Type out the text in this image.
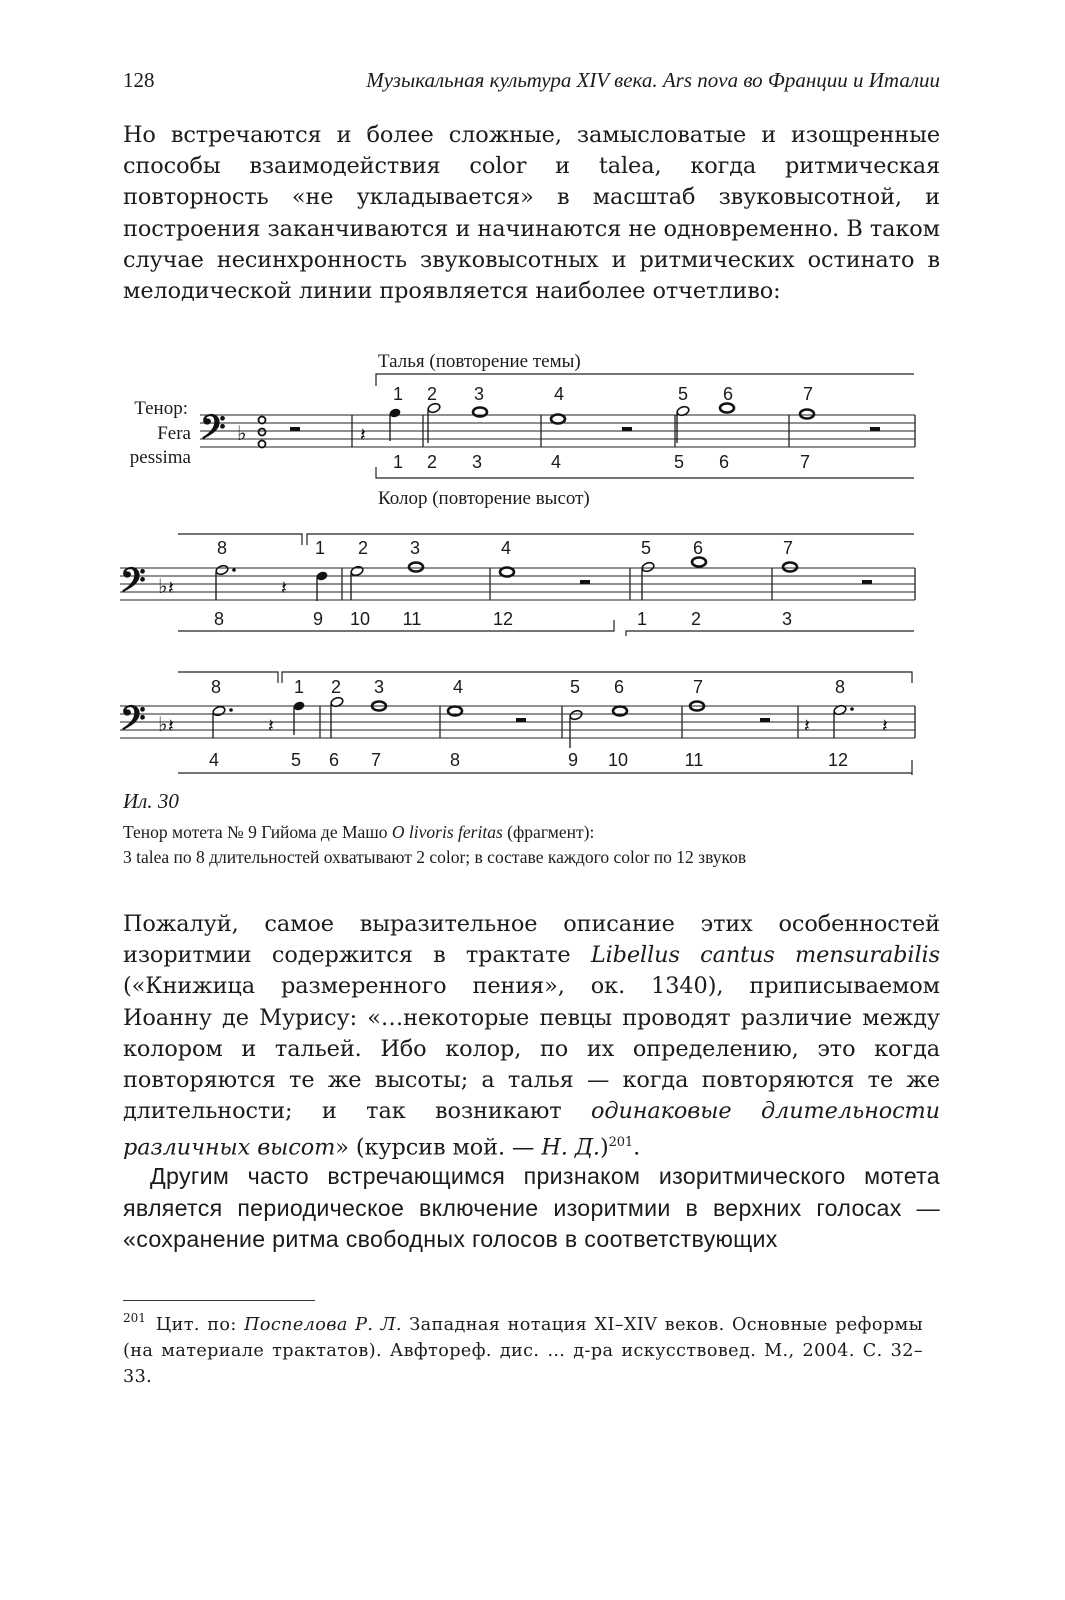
128	Музыкальная культура XIV века. Ars nova во Франции и Италии

Но встречаются и более сложные, замысловатые и изощренные способы взаимодействия color и talea, когда ритмическая повторность «не укладывается» в масштаб звуковысотной, и построения заканчиваются и начинаются не одновременно. В таком случае несинхронность звуковысотных и ритмических остинато в мелодической линии проявляется наиболее отчетливо:

Талья (повторение темы)
Колор (повторение высот)
Тенор:
Fera
pessima
𝄢 ♭	𝄽
1 2 3	4	5 6	7
1 2 3	4	5 6	7
𝄢 ♭ 𝄽	𝄽
8	1 2 3	4	5 6	7
8	9 10 11	12	1 2	3
𝄢 ♭ 𝄽	𝄽	𝄽	𝄽
8	1 2 3	4	5 6	7	8
4	5 6 7	8	9 10	11	12

Ил. 30

Тенор мотета № 9 Гийома де Машо O livoris feritas (фрагмент):

3 talea по 8 длительностей охватывают 2 color; в составе каждого color по 12 звуков

Пожалуй, самое выразительное описание этих особенностей изоритмии содержится в трактате Libellus cantus mensurabilis («Книжица размеренного пения», ок. 1340), приписываемом Иоанну де Мурису: «…некоторые певцы проводят различие между колором и тальей. Ибо колор, по их определению, это когда повторяются те же высоты; а талья — когда повторяются те же длительности; и так возникают одинаковые длительности различных высот» (курсив мой. — Н. Д.)$^{201}$.

Другим часто встречающимся признаком изоритмического мотета является периодическое включение изоритмии в верхних голосах — «сохранение ритма свободных голосов в соответствующих

$^{201}$ Цит. по: Поспелова Р. Л. Западная нотация XI–XIV веков. Основные реформы (на материале трактатов). Авфтореф. дис. … д-ра искусствовед. М., 2004. С. 32–33.
